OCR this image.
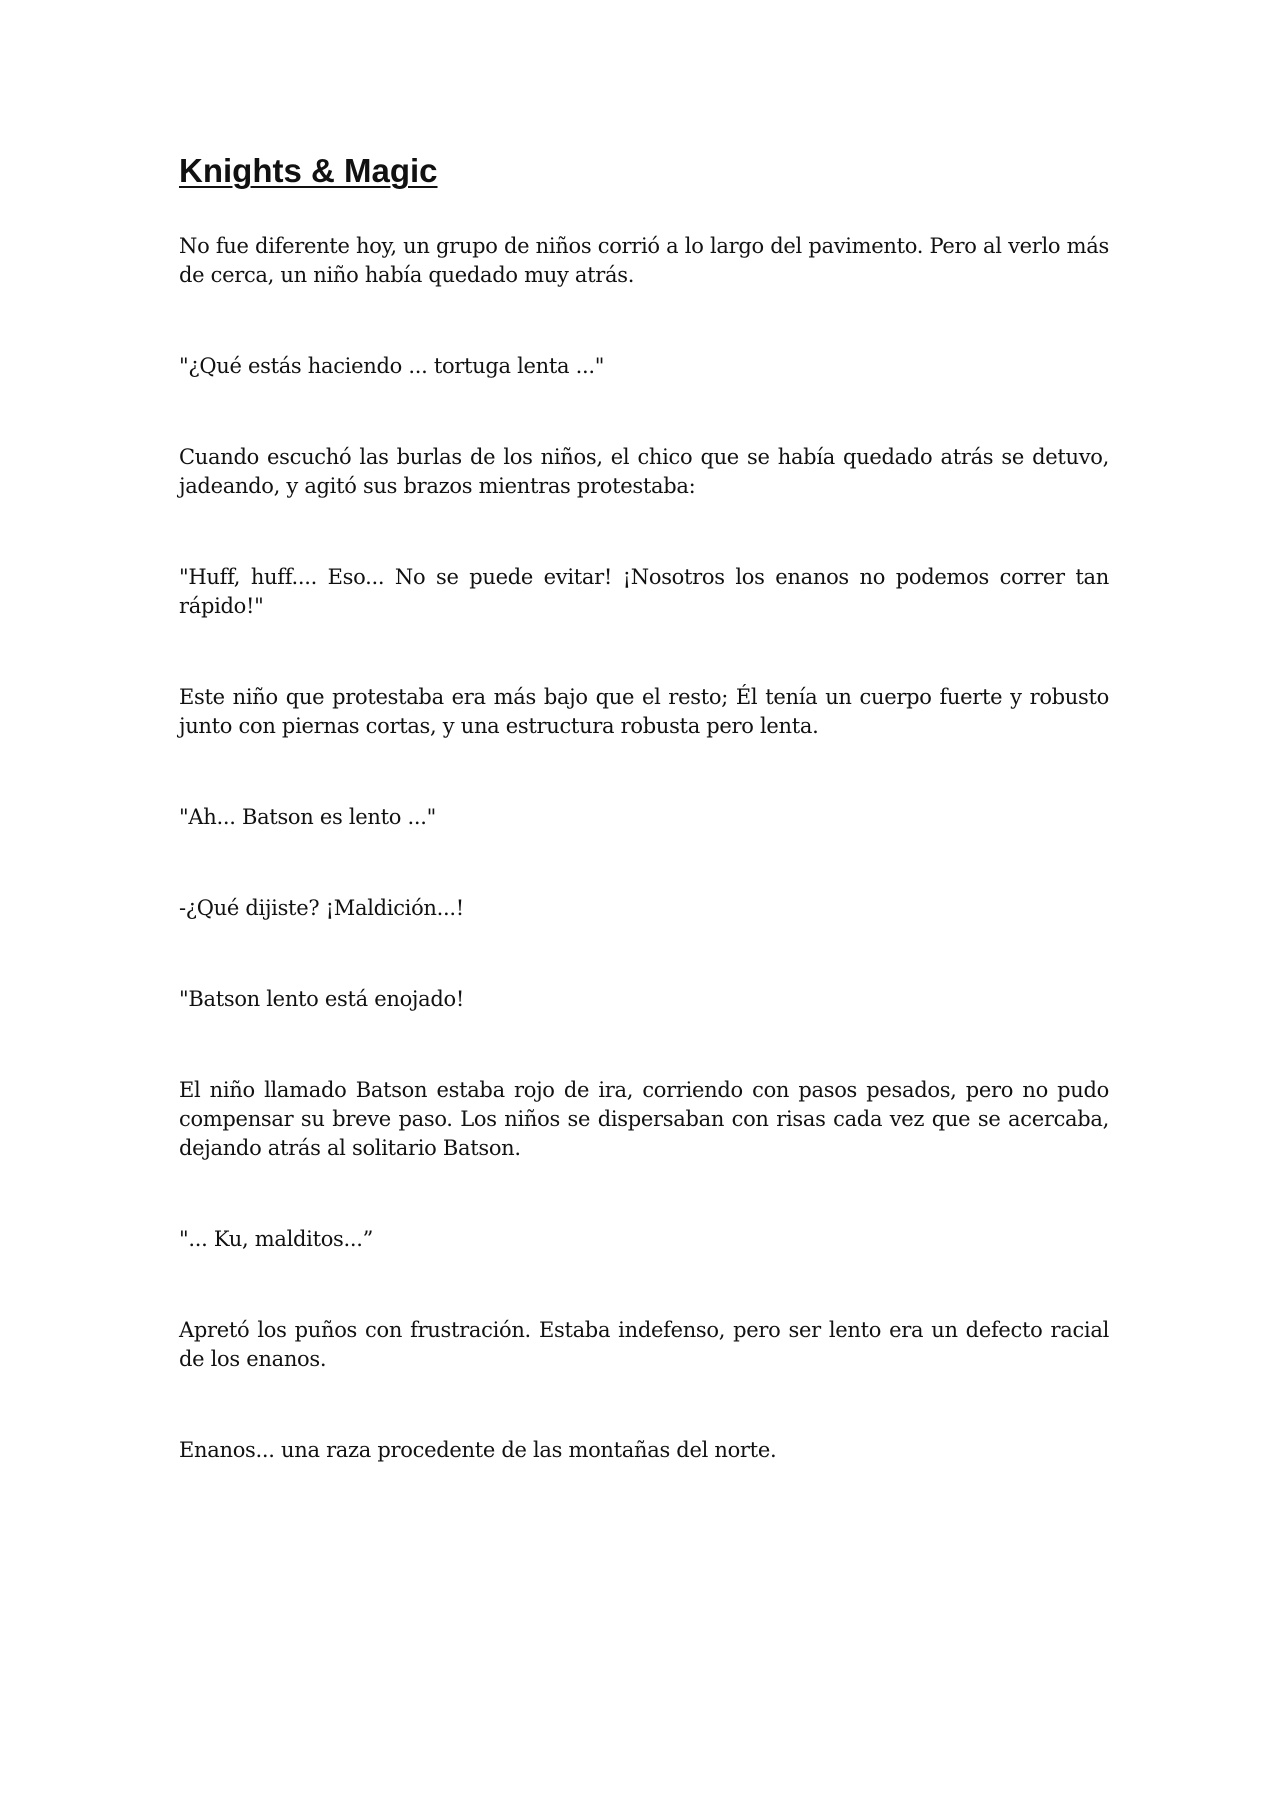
Knights & Magic

No fue diferente hoy, un grupo de niños corrió a lo largo del pavimento. Pero al verlo más de cerca, un niño había quedado muy atrás.

"¿Qué estás haciendo ... tortuga lenta ..."

Cuando escuchó las burlas de los niños, el chico que se había quedado atrás se detuvo, jadeando, y agitó sus brazos mientras protestaba:

"Huff, huff.... Eso... No se puede evitar! ¡Nosotros los enanos no podemos correr tan rápido!"

Este niño que protestaba era más bajo que el resto; Él tenía un cuerpo fuerte y robusto junto con piernas cortas, y una estructura robusta pero lenta.

"Ah... Batson es lento ..."

-¿Qué dijiste? ¡Maldición...!

"Batson lento está enojado!

El niño llamado Batson estaba rojo de ira, corriendo con pasos pesados, pero no pudo compensar su breve paso. Los niños se dispersaban con risas cada vez que se acercaba, dejando atrás al solitario Batson.

"... Ku, malditos...”

Apretó los puños con frustración. Estaba indefenso, pero ser lento era un defecto racial de los enanos.

Enanos... una raza procedente de las montañas del norte.
